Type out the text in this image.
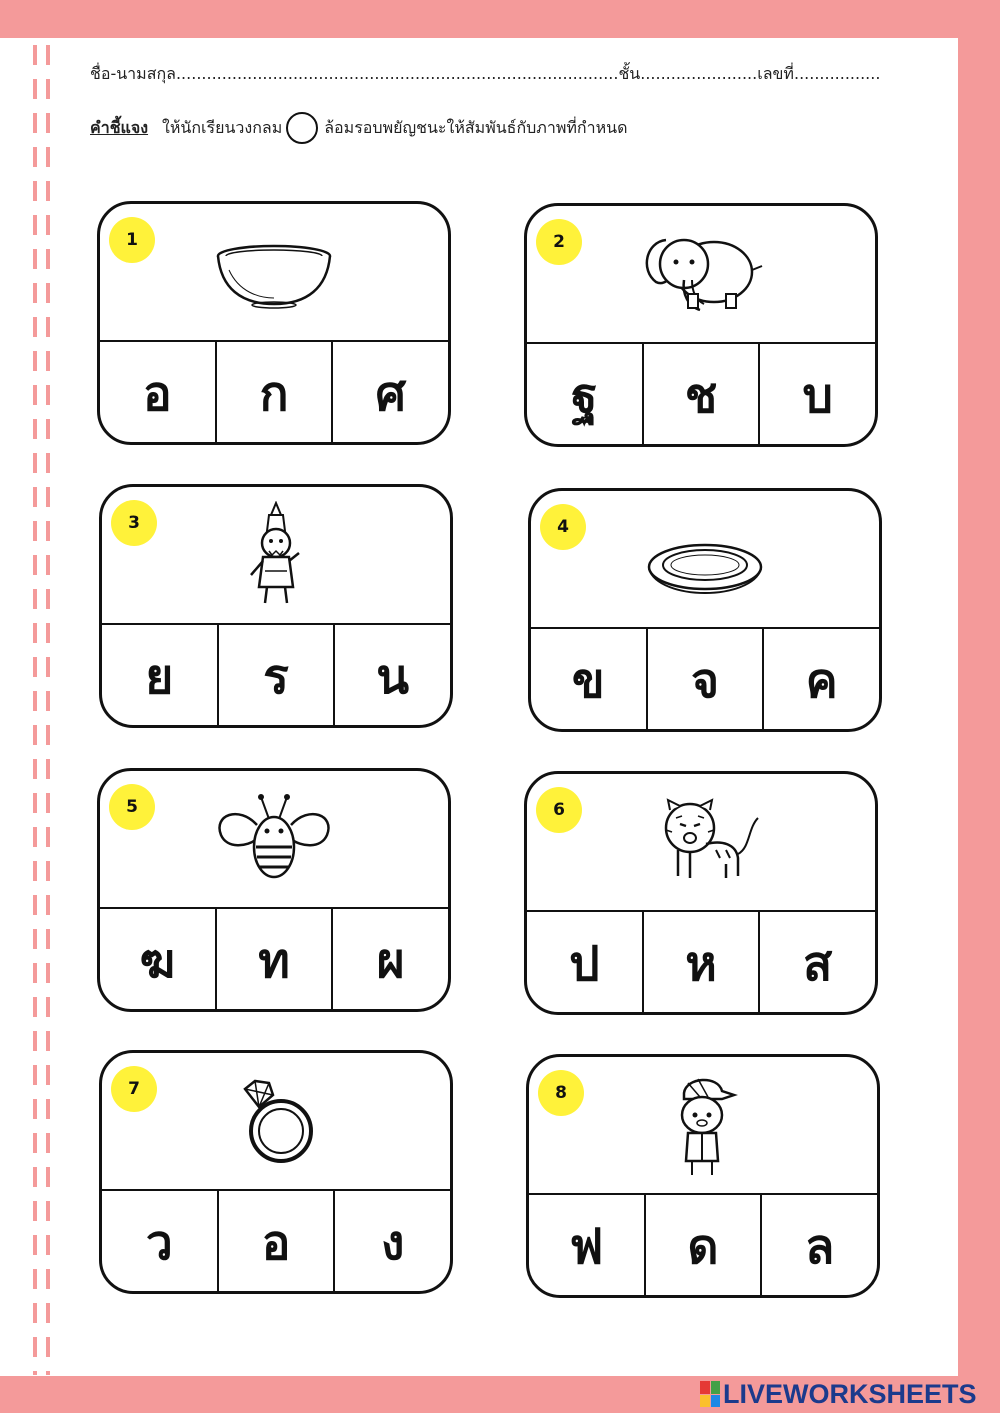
ชื่อ-นามสกุล.......................................................................................ชั้น.......................เลขที่.................
คำชี้แจง ให้นักเรียนวงกลม	ล้อมรอบพยัญชนะให้สัมพันธ์กับภาพที่กำหนด
1
อ	ก	ศ
2
ฐ	ช	บ
3
ย	ร	น
4
ข	จ	ค
5
ฆ	ท	ผ
6
ป	ห	ส
7
ว	อ	ง
8
ฟ	ด	ล
LIVEWORKSHEETS
